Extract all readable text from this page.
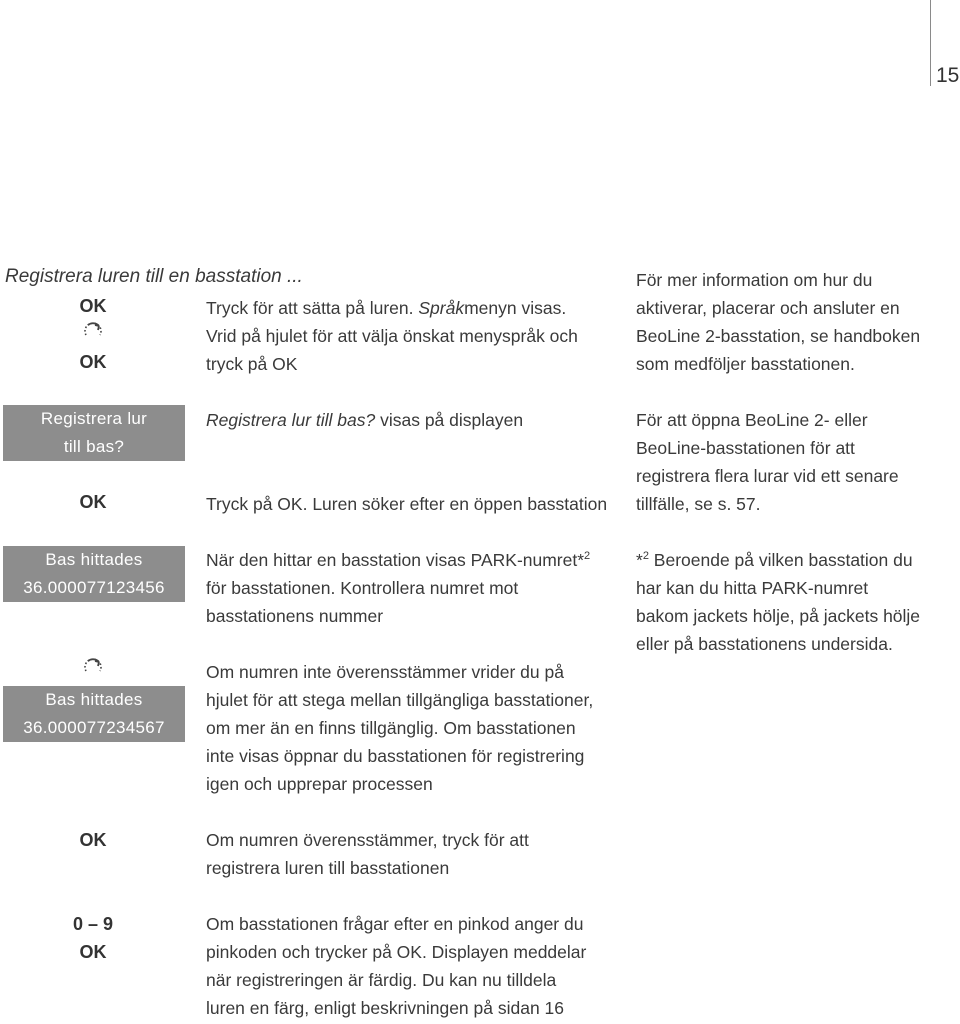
15
Registrera luren till en basstation ...
OK
OK
Tryck för att sätta på luren. Språkmenyn visas.
Vrid på hjulet för att välja önskat menyspråk och
tryck på OK
För mer information om hur du
aktiverar, placerar och ansluter en
BeoLine 2-basstation, se handboken
som medföljer basstationen.
Registrera lur
till bas?
Registrera lur till bas? visas på displayen
OK	Tryck på OK. Luren söker efter en öppen basstation
För att öppna BeoLine 2- eller
BeoLine-basstationen för att
registrera flera lurar vid ett senare
tillfälle, se s. 57.
Bas hittades
36.000077123456
När den hittar en basstation visas PARK-numret*$^2$
för basstationen. Kontrollera numret mot
basstationens nummer
*$^2$ Beroende på vilken basstation du
har kan du hitta PARK-numret
bakom jackets hölje, på jackets hölje
eller på basstationens undersida.
Bas hittades
36.000077234567
Om numren inte överensstämmer vrider du på
hjulet för att stega mellan tillgängliga basstationer,
om mer än en finns tillgänglig. Om basstationen
inte visas öppnar du basstationen för registrering
igen och upprepar processen
OK	Om numren överensstämmer, tryck för att
registrera luren till basstationen
0 – 9
OK
Om basstationen frågar efter en pinkod anger du
pinkoden och trycker på OK. Displayen meddelar
när registreringen är färdig. Du kan nu tilldela
luren en färg, enligt beskrivningen på sidan 16
